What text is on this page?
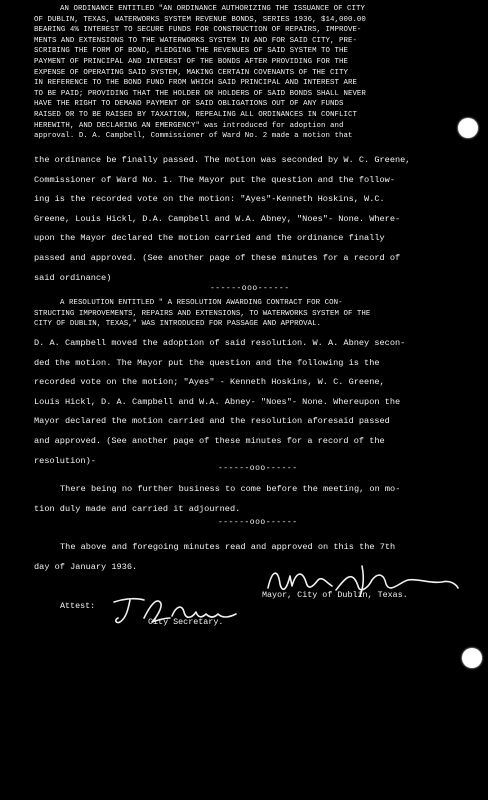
AN ORDINANCE ENTITLED "AN ORDINANCE AUTHORIZING THE ISSUANCE OF CITY
OF DUBLIN, TEXAS, WATERWORKS SYSTEM REVENUE BONDS, SERIES 1936, $14,000.00
BEARING 4% INTEREST TO SECURE FUNDS FOR CONSTRUCTION OF REPAIRS, IMPROVE-
MENTS AND EXTENSIONS TO THE WATERWORKS SYSTEM IN AND FOR SAID CITY, PRE-
SCRIBING THE FORM OF BOND, PLEDGING THE REVENUES OF SAID SYSTEM TO THE
PAYMENT OF PRINCIPAL AND INTEREST OF THE BONDS AFTER PROVIDING FOR THE
EXPENSE OF OPERATING SAID SYSTEM, MAKING CERTAIN COVENANTS OF THE CITY
IN REFERENCE TO THE BOND FUND FROM WHICH SAID PRINCIPAL AND INTEREST ARE
TO BE PAID; PROVIDING THAT THE HOLDER OR HOLDERS OF SAID BONDS SHALL NEVER
HAVE THE RIGHT TO DEMAND PAYMENT OF SAID OBLIGATIONS OUT OF ANY FUNDS
RAISED OR TO BE RAISED BY TAXATION, REPEALING ALL ORDINANCES IN CONFLICT
HEREWITH, AND DECLARING AN EMERGENCY" was introduced for adoption and
approval. D. A. Campbell, Commissioner of Ward No. 2 made a motion that
the ordinance be finally passed. The motion was seconded by W. C. Greene,
Commissioner of Ward No. 1. The Mayor put the question and the follow-
ing is the recorded vote on the motion: "Ayes"-Kenneth Hoskins, W.C.
Greene, Louis Hickl, D.A. Campbell and W.A. Abney, "Noes"- None. Where-
upon the Mayor declared the motion carried and the ordinance finally
passed and approved. (See another page of these minutes for a record of
said ordinance)
------ooo------
A RESOLUTION ENTITLED " A RESOLUTION AWARDING CONTRACT FOR CON-
STRUCTING IMPROVEMENTS, REPAIRS AND EXTENSIONS, TO WATERWORKS SYSTEM OF THE
CITY OF DUBLIN, TEXAS," WAS INTRODUCED FOR PASSAGE AND APPROVAL.
D. A. Campbell moved the adoption of said resolution. W. A. Abney secon-
ded the motion. The Mayor put the question and the following is the
recorded vote on the motion; "Ayes" - Kenneth Hoskins, W. C. Greene,
Louis Hickl, D. A. Campbell and W.A. Abney- "Noes"- None. Whereupon the
Mayor declared the motion carried and the resolution aforesaid passed
and approved. (See another page of these minutes for a record of the
resolution)-
------ooo------
There being no further business to come before the meeting, on mo-
tion duly made and carried it adjourned.
------ooo------
The above and foregoing minutes read and approved on this the 7th
day of January 1936.
Mayor, City of Dublin, Texas.
Attest:
City Secretary.
